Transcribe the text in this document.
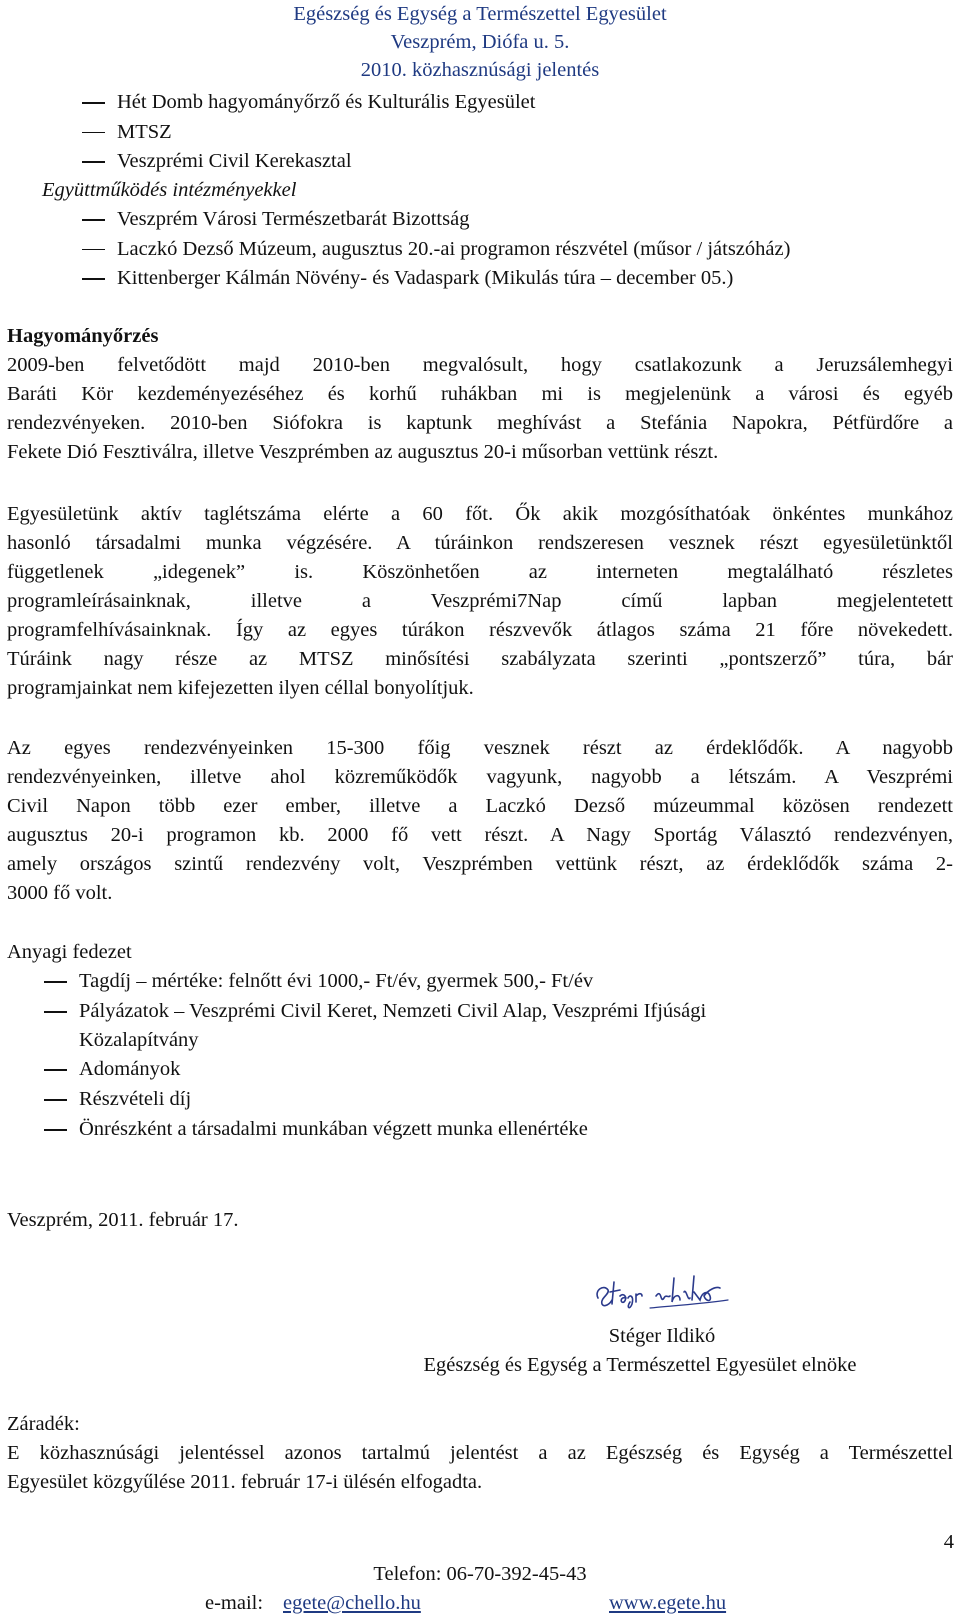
Egészség és Egység a Természettel Egyesület
Veszprém, Diófa u. 5.
2010. közhasznúsági jelentés
Hét Domb hagyományőrző és Kulturális Egyesület
MTSZ
Veszprémi Civil Kerekasztal
Együttműködés intézményekkel
Veszprém Városi Természetbarát Bizottság
Laczkó Dezső Múzeum, augusztus 20.-ai programon részvétel (műsor / játszóház)
Kittenberger Kálmán Növény- és Vadaspark (Mikulás túra – december 05.)
Hagyományőrzés
2009-ben felvetődött majd 2010-ben megvalósult, hogy csatlakozunk a Jeruzsálemhegyi
Baráti Kör kezdeményezéséhez és korhű ruhákban mi is megjelenünk a városi és egyéb
rendezvényeken. 2010-ben Siófokra is kaptunk meghívást a Stefánia Napokra, Pétfürdőre a
Fekete Dió Fesztiválra, illetve Veszprémben az augusztus 20-i műsorban vettünk részt.
Egyesületünk aktív taglétszáma elérte a 60 főt. Ők akik mozgósíthatóak önkéntes munkához
hasonló társadalmi munka végzésére. A túráinkon rendszeresen vesznek részt egyesületünktől
függetlenek „idegenek” is. Köszönhetően az interneten megtalálható részletes
programleírásainknak, illetve a Veszprémi7Nap című lapban megjelentetett
programfelhívásainknak. Így az egyes túrákon részvevők átlagos száma 21 főre növekedett.
Túráink nagy része az MTSZ minősítési szabályzata szerinti „pontszerző” túra, bár
programjainkat nem kifejezetten ilyen céllal bonyolítjuk.
Az egyes rendezvényeinken 15-300 főig vesznek részt az érdeklődők. A nagyobb
rendezvényeinken, illetve ahol közreműködők vagyunk, nagyobb a létszám. A Veszprémi
Civil Napon több ezer ember, illetve a Laczkó Dezső múzeummal közösen rendezett
augusztus 20-i programon kb. 2000 fő vett részt. A Nagy Sportág Választó rendezvényen,
amely országos szintű rendezvény volt, Veszprémben vettünk részt, az érdeklődők száma 2-
3000 fő volt.
Anyagi fedezet
Tagdíj – mértéke: felnőtt évi 1000,- Ft/év, gyermek 500,- Ft/év
Pályázatok – Veszprémi Civil Keret, Nemzeti Civil Alap, Veszprémi Ifjúsági Közalapítvány
Adományok
Részvételi díj
Önrészként a társadalmi munkában végzett munka ellenértéke
Veszprém, 2011. február 17.
Stéger Ildikó
Egészség és Egység a Természettel Egyesület elnöke
Záradék:
E közhasznúsági jelentéssel azonos tartalmú jelentést a az Egészség és Egység a Természettel
Egyesület közgyűlése 2011. február 17-i ülésén elfogadta.
4
Telefon: 06-70-392-45-43
e-mail: egete@chello.hu	www.egete.hu
